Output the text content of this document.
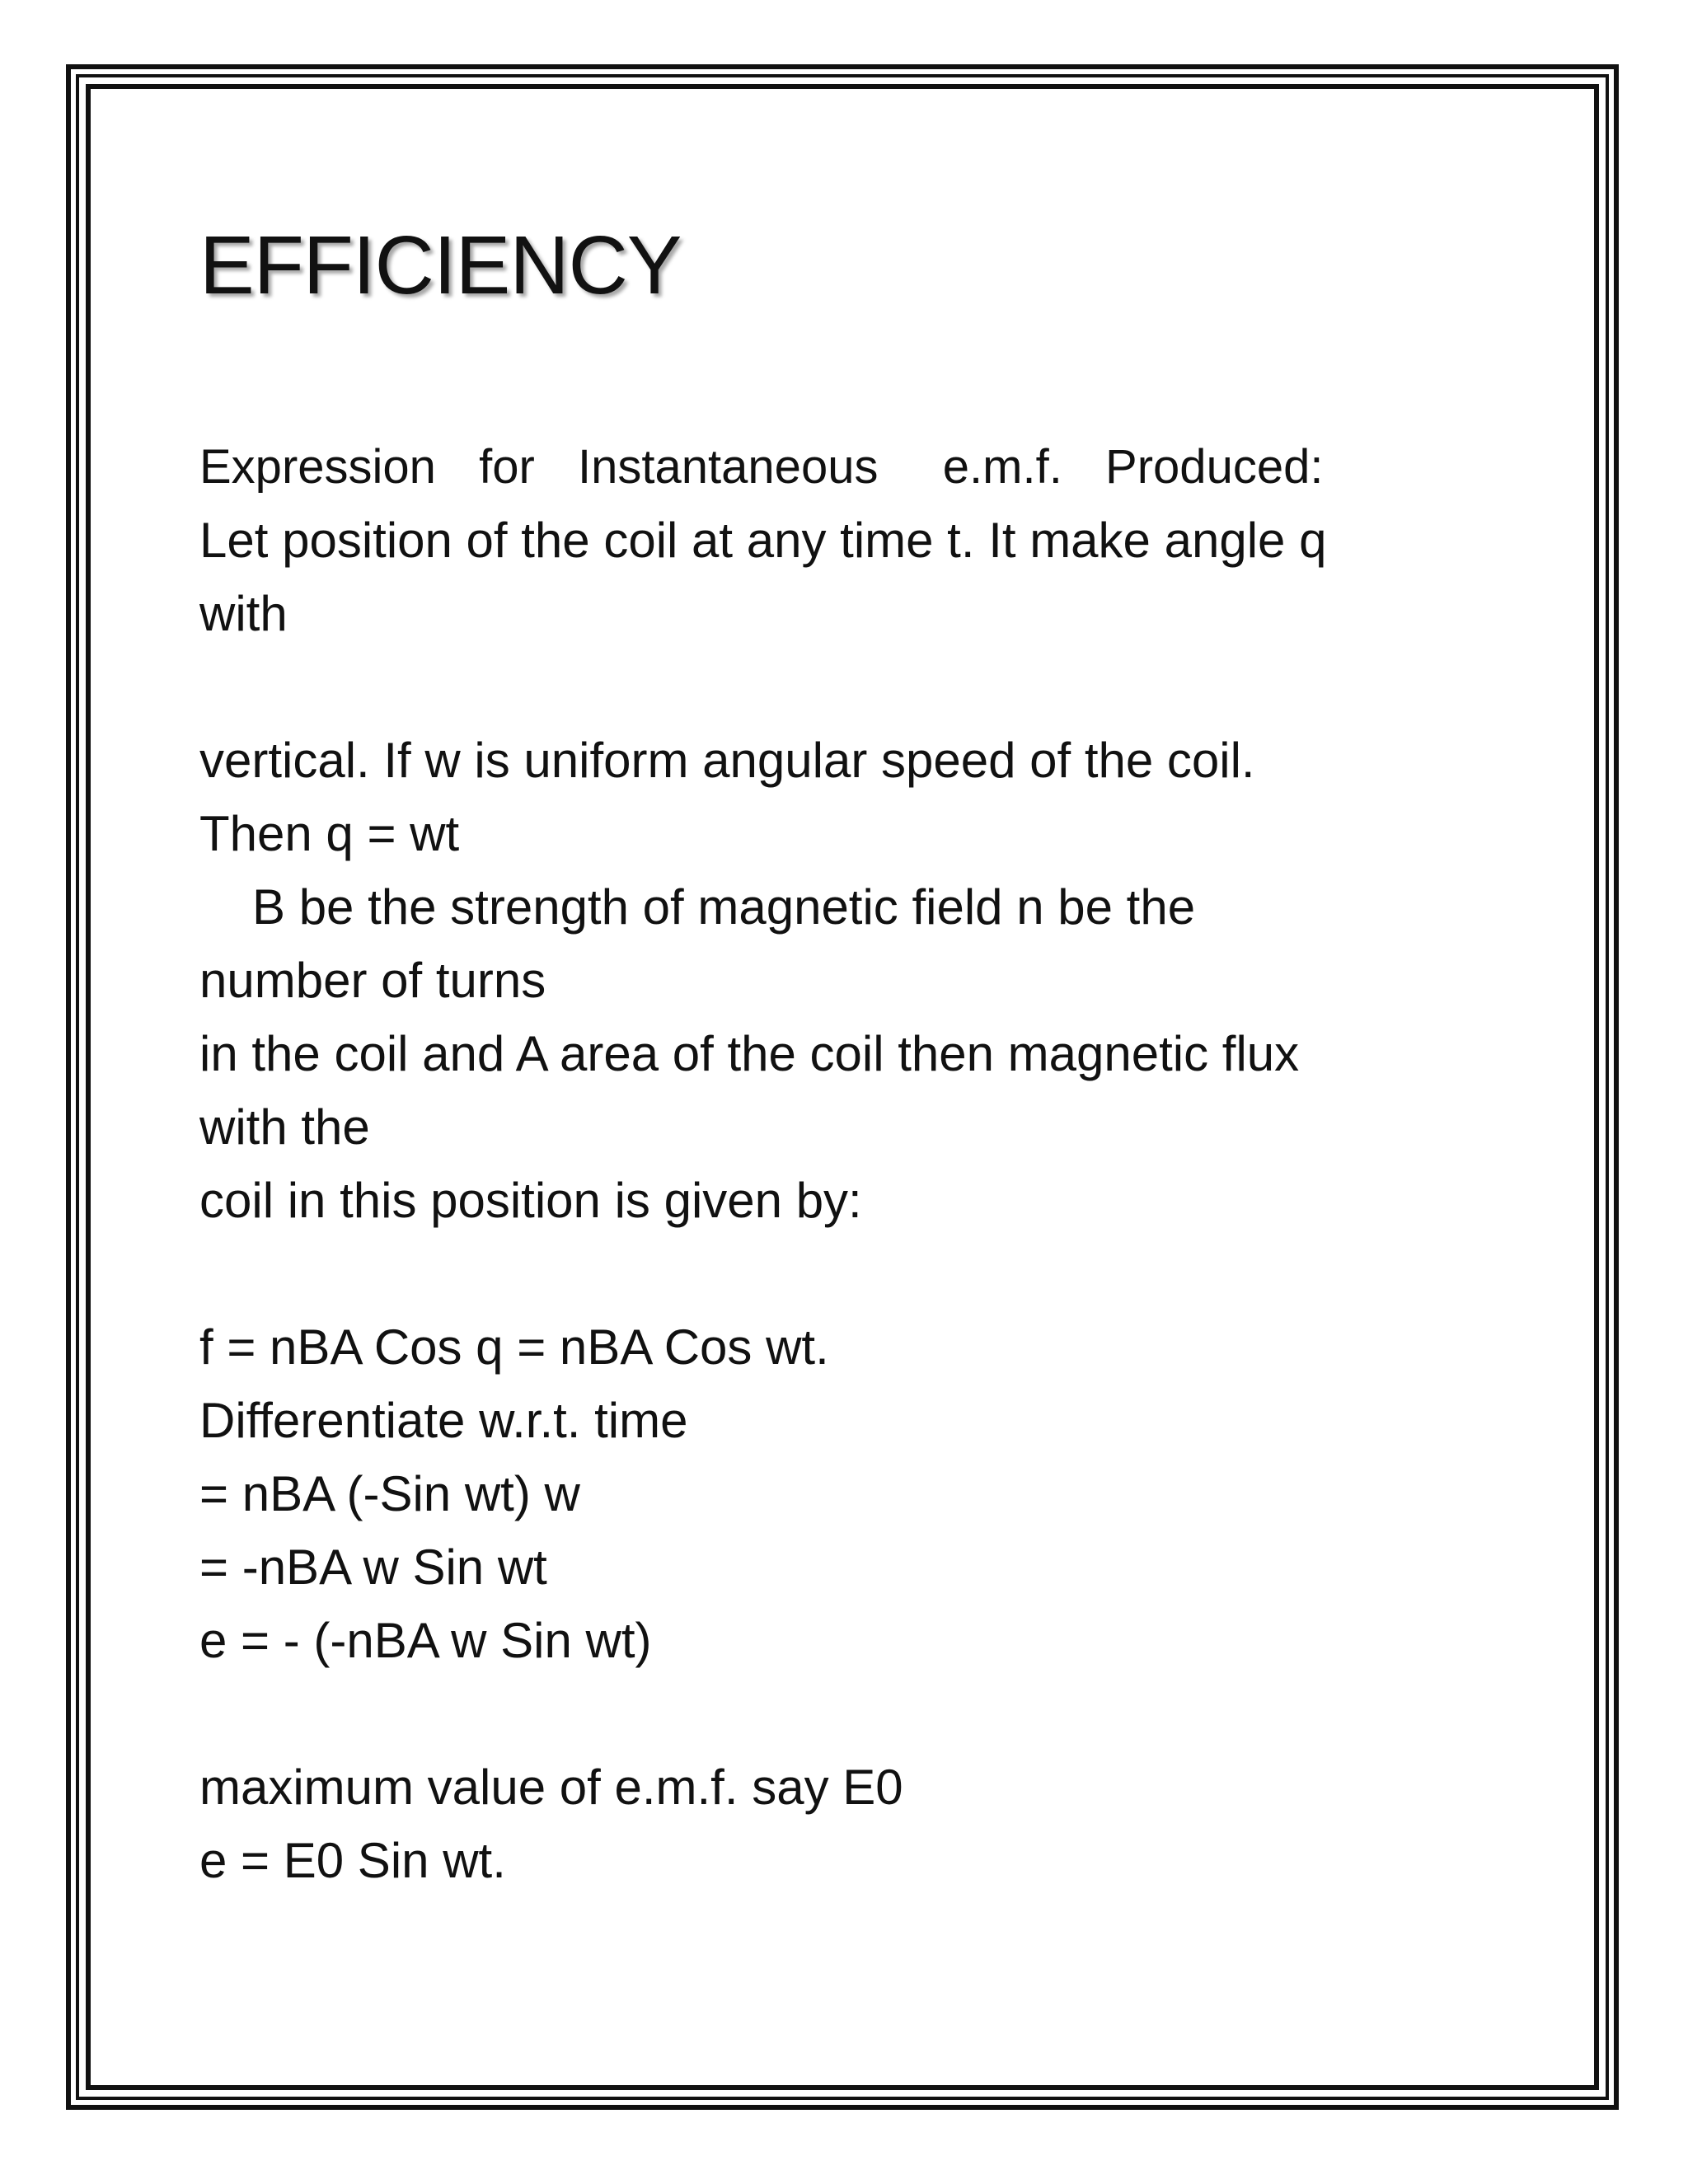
EFFICIENCY
Expression  for  Instantaneous   e.m.f.  Produced:
Let position of the coil at any time t. It make angle q
with
vertical. If w is uniform angular speed of the coil.
Then q = wt
B be the strength of magnetic field n be the
number of turns
in the coil and A area of the coil then magnetic flux
with the
coil in this position is given by:
f = nBA Cos q = nBA Cos wt.
Differentiate w.r.t. time
= nBA (-Sin wt) w
= -nBA w Sin wt
e = - (-nBA w Sin wt)
maximum value of e.m.f. say E0
e = E0 Sin wt.
